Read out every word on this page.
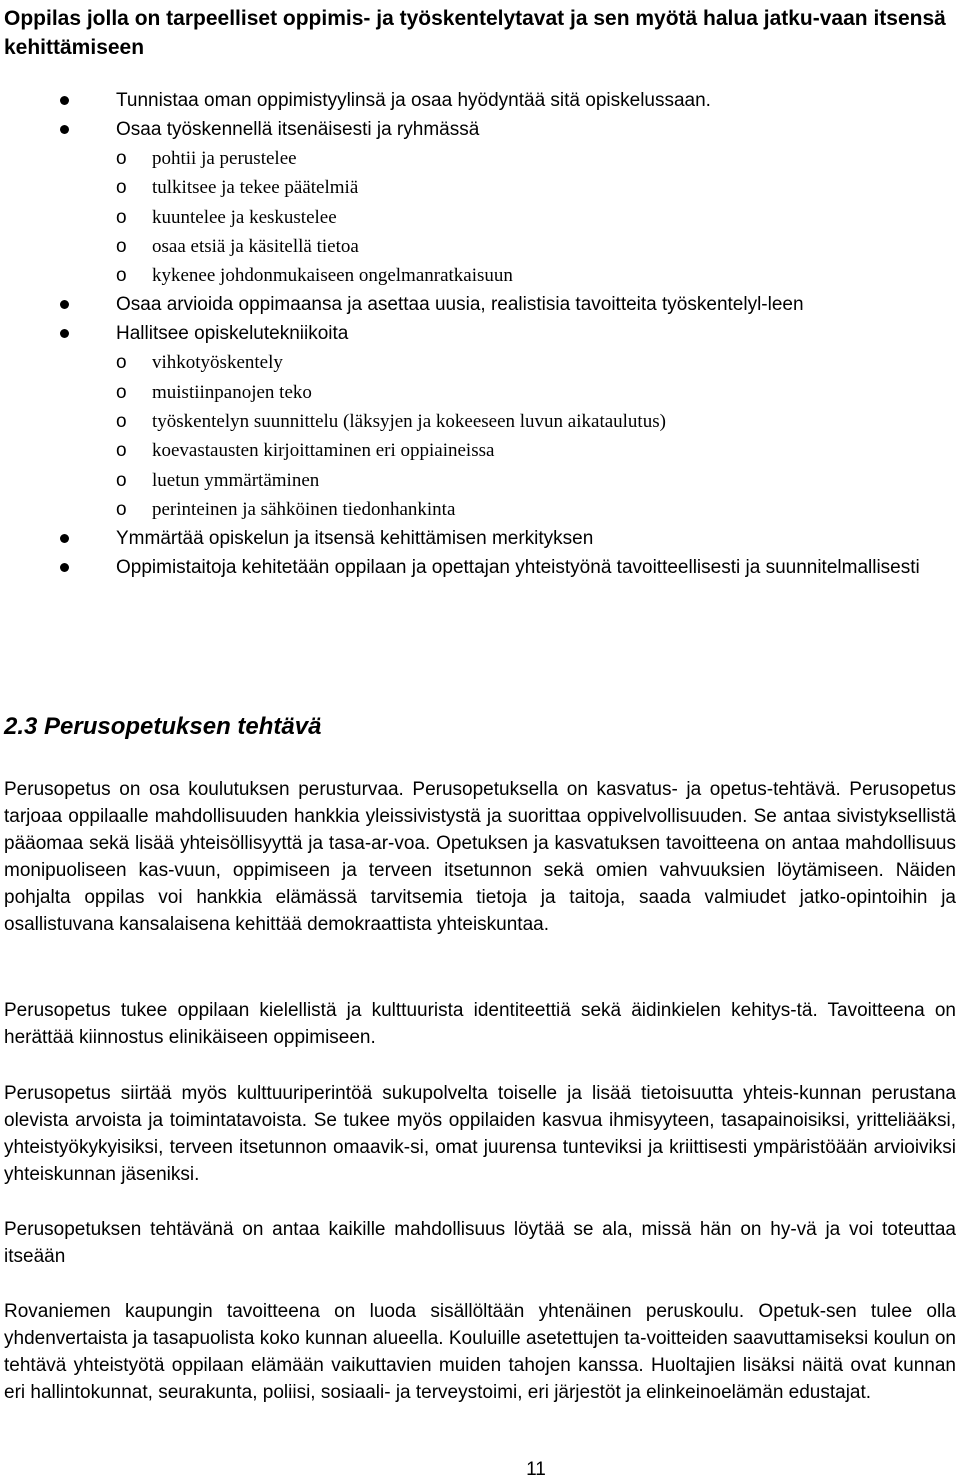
Oppilas jolla on tarpeelliset oppimis- ja työskentelytavat ja sen myötä halua jatku-vaan itsensä kehittämiseen
Tunnistaa oman oppimistyylinsä ja osaa hyödyntää sitä opiskelussaan.
Osaa työskennellä itsenäisesti ja ryhmässä
o	pohtii ja perustelee
o	tulkitsee ja tekee päätelmiä
o	kuuntelee ja keskustelee
o	osaa etsiä ja käsitellä tietoa
o	kykenee johdonmukaiseen ongelmanratkaisuun
Osaa arvioida oppimaansa ja asettaa uusia, realistisia tavoitteita työskentelyl-leen
Hallitsee opiskelutekniikoita
o	vihkotyöskentely
o	muistiinpanojen teko
o	työskentelyn suunnittelu (läksyjen ja kokeeseen luvun aikataulutus)
o	koevastausten kirjoittaminen eri oppiaineissa
o	luetun ymmärtäminen
o	perinteinen ja sähköinen tiedonhankinta
Ymmärtää opiskelun ja itsensä kehittämisen merkityksen
Oppimistaitoja kehitetään oppilaan ja opettajan yhteistyönä tavoitteellisesti ja suunnitelmallisesti
2.3 Perusopetuksen tehtävä

Perusopetus on osa koulutuksen perusturvaa. Perusopetuksella on kasvatus- ja opetus-tehtävä. Perusopetus tarjoaa oppilaalle mahdollisuuden hankkia yleissivistystä ja suorittaa oppivelvollisuuden. Se antaa sivistyksellistä pääomaa sekä lisää yhteisöllisyyttä ja tasa-ar-voa. Opetuksen ja kasvatuksen tavoitteena on antaa mahdollisuus monipuoliseen kas-vuun, oppimiseen ja terveen itsetunnon sekä omien vahvuuksien löytämiseen. Näiden pohjalta oppilas voi hankkia elämässä tarvitsemia tietoja ja taitoja, saada valmiudet jatko-opintoihin ja osallistuvana kansalaisena kehittää demokraattista yhteiskuntaa.

Perusopetus tukee oppilaan kielellistä ja kulttuurista identiteettiä sekä äidinkielen kehitys-tä. Tavoitteena on herättää kiinnostus elinikäiseen oppimiseen.

Perusopetus siirtää myös kulttuuriperintöä sukupolvelta toiselle ja lisää tietoisuutta yhteis-kunnan perustana olevista arvoista ja toimintatavoista. Se tukee myös oppilaiden kasvua ihmisyyteen, tasapainoisiksi, yritteliääksi, yhteistyökykyisiksi, terveen itsetunnon omaavik-si, omat juurensa tunteviksi ja kriittisesti ympäristöään arvioiviksi yhteiskunnan jäseniksi.

Perusopetuksen tehtävänä on antaa kaikille mahdollisuus löytää se ala, missä hän on hy-vä ja voi toteuttaa itseään

Rovaniemen kaupungin tavoitteena on luoda sisällöltään yhtenäinen peruskoulu. Opetuk-sen tulee olla yhdenvertaista ja tasapuolista koko kunnan alueella. Kouluille asetettujen ta-voitteiden saavuttamiseksi koulun on tehtävä yhteistyötä oppilaan elämään vaikuttavien muiden tahojen kanssa. Huoltajien lisäksi näitä ovat kunnan eri hallintokunnat, seurakunta, poliisi, sosiaali- ja terveystoimi, eri järjestöt ja elinkeinoelämän edustajat.

11
